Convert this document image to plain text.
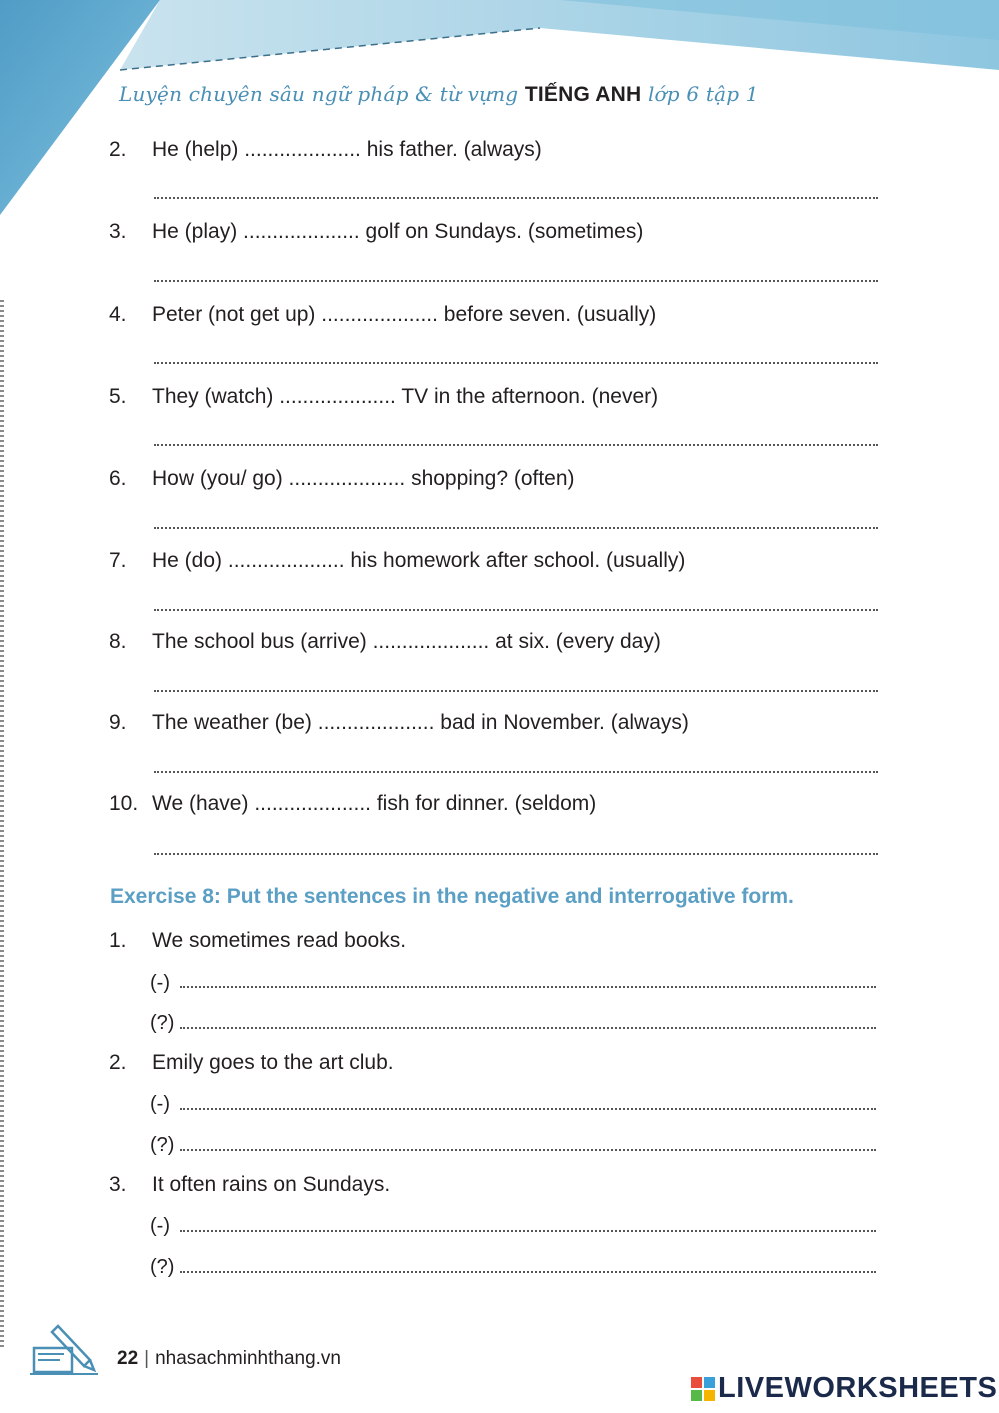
Luyện chuyên sâu ngữ pháp & từ vựng TIẾNG ANH lớp 6 tập 1
2. He (help) .................... his father. (always)
3. He (play) .................... golf on Sundays. (sometimes)
4. Peter (not get up) .................... before seven. (usually)
5. They (watch) .................... TV in the afternoon. (never)
6. How (you/ go) .................... shopping? (often)
7. He (do) .................... his homework after school. (usually)
8. The school bus (arrive) .................... at six. (every day)
9. The weather (be) .................... bad in November. (always)
10. We (have) .................... fish for dinner. (seldom)
Exercise 8: Put the sentences in the negative and interrogative form.
1. We sometimes read books.
(-)
(?)
2. Emily goes to the art club.
(-)
(?)
3. It often rains on Sundays.
(-)
(?)
22 | nhasachminhthang.vn
LIVEWORKSHEETS
